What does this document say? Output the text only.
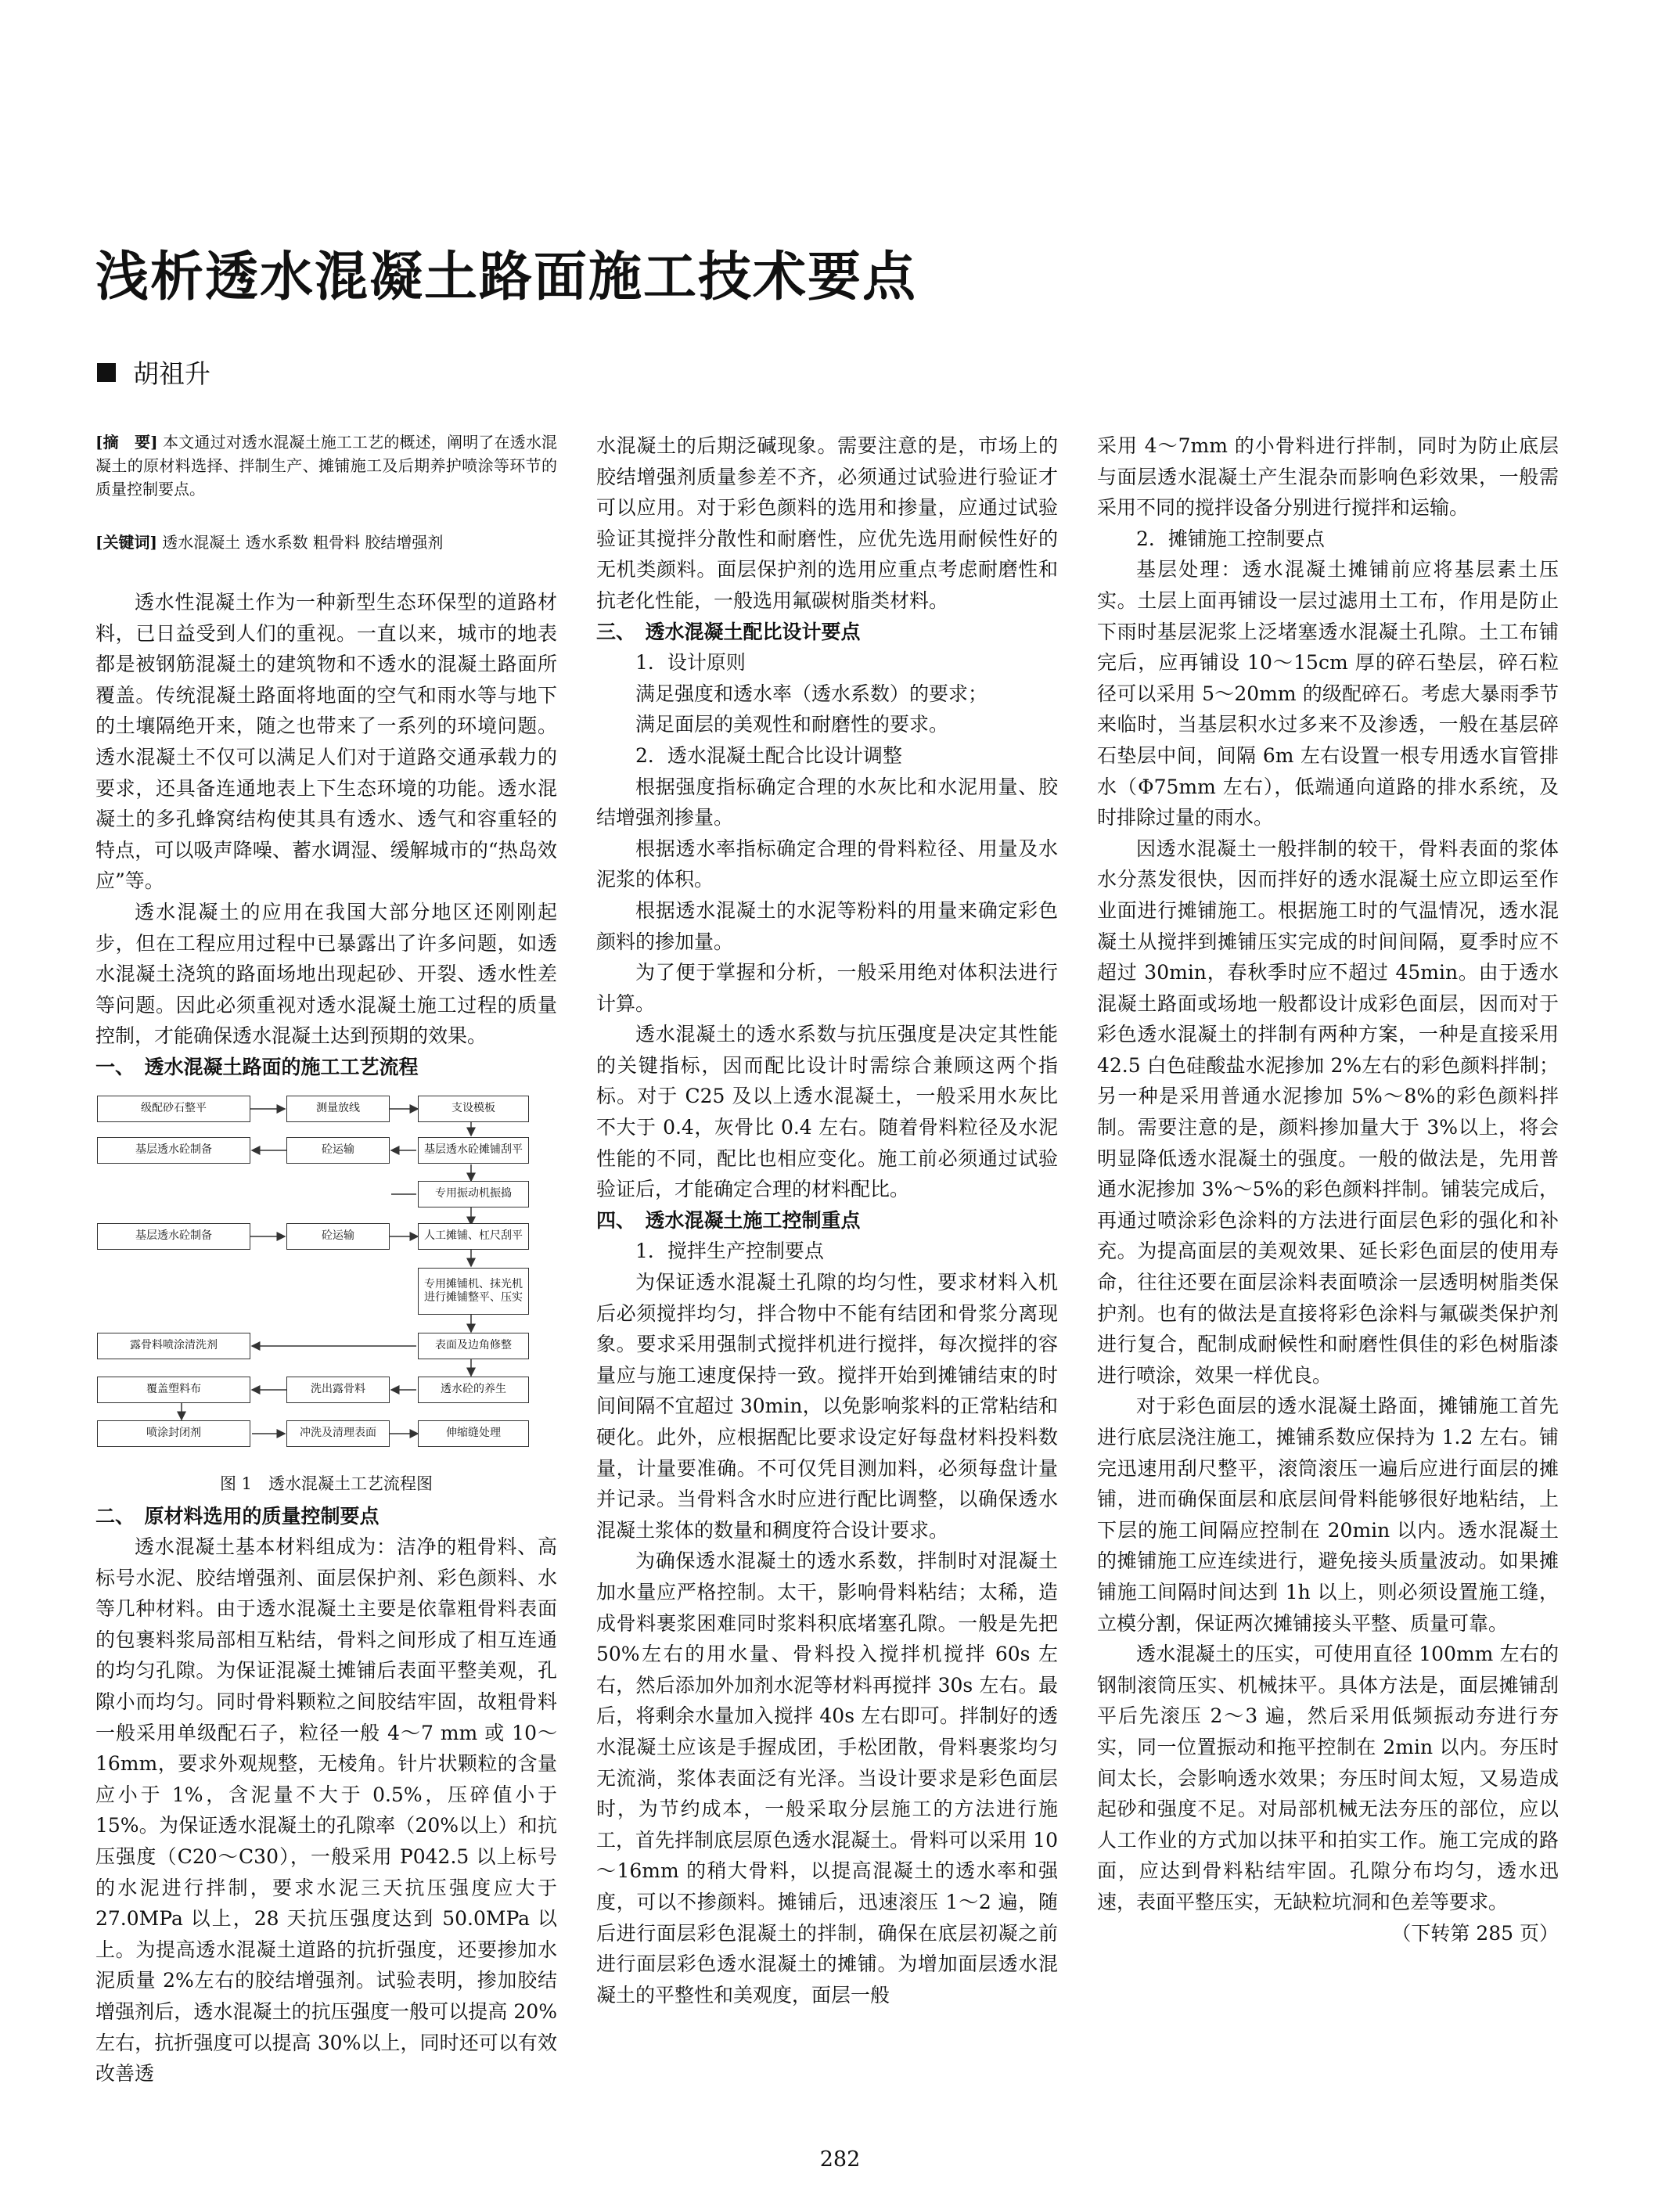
浅析透水混凝土路面施工技术要点
胡祖升

[摘　要] 本文通过对透水混凝土施工工艺的概述，阐明了在透水混凝土的原材料选择、拌制生产、摊铺施工及后期养护喷涂等环节的质量控制要点。

[关键词] 透水混凝土 透水系数 粗骨料 胶结增强剂

透水性混凝土作为一种新型生态环保型的道路材料，已日益受到人们的重视。一直以来，城市的地表都是被钢筋混凝土的建筑物和不透水的混凝土路面所覆盖。传统混凝土路面将地面的空气和雨水等与地下的土壤隔绝开来，随之也带来了一系列的环境问题。透水混凝土不仅可以满足人们对于道路交通承载力的要求，还具备连通地表上下生态环境的功能。透水混凝土的多孔蜂窝结构使其具有透水、透气和容重轻的特点，可以吸声降噪、蓄水调湿、缓解城市的“热岛效应”等。

透水混凝土的应用在我国大部分地区还刚刚起步，但在工程应用过程中已暴露出了许多问题，如透水混凝土浇筑的路面场地出现起砂、开裂、透水性差等问题。因此必须重视对透水混凝土施工过程的质量控制，才能确保透水混凝土达到预期的效果。

一、　透水混凝土路面的施工工艺流程
级配砂石整平	测量放线	支设模板
基层透水砼制备	砼运输	基层透水砼摊铺刮平
专用振动机振捣
基层透水砼制备	砼运输	人工摊铺、杠尺刮平
专用摊铺机、抹光机进行摊铺整平、压实
露骨料喷涂清洗剂	表面及边角修整
覆盖塑料布	洗出露骨料	透水砼的养生
喷涂封闭剂	冲洗及清理表面	伸缩缝处理

图 1　透水混凝土工艺流程图

二、　原材料选用的质量控制要点

透水混凝土基本材料组成为：洁净的粗骨料、高标号水泥、胶结增强剂、面层保护剂、彩色颜料、水等几种材料。由于透水混凝土主要是依靠粗骨料表面的包裹料浆局部相互粘结，骨料之间形成了相互连通的均匀孔隙。为保证混凝土摊铺后表面平整美观，孔隙小而均匀。同时骨料颗粒之间胶结牢固，故粗骨料一般采用单级配石子，粒径一般 4～7 mm 或 10～16mm，要求外观规整，无棱角。针片状颗粒的含量应小于 1%，含泥量不大于 0.5%，压碎值小于 15%。为保证透水混凝土的孔隙率（20%以上）和抗压强度（C20～C30），一般采用 P042.5 以上标号的水泥进行拌制，要求水泥三天抗压强度应大于 27.0MPa 以上，28 天抗压强度达到 50.0MPa 以上。为提高透水混凝土道路的抗折强度，还要掺加水泥质量 2%左右的胶结增强剂。试验表明，掺加胶结增强剂后，透水混凝土的抗压强度一般可以提高 20%左右，抗折强度可以提高 30%以上，同时还可以有效改善透

水混凝土的后期泛碱现象。需要注意的是，市场上的胶结增强剂质量参差不齐，必须通过试验进行验证才可以应用。对于彩色颜料的选用和掺量，应通过试验验证其搅拌分散性和耐磨性，应优先选用耐候性好的无机类颜料。面层保护剂的选用应重点考虑耐磨性和抗老化性能，一般选用氟碳树脂类材料。

三、　透水混凝土配比设计要点

1．设计原则

满足强度和透水率（透水系数）的要求；

满足面层的美观性和耐磨性的要求。

2．透水混凝土配合比设计调整

根据强度指标确定合理的水灰比和水泥用量、胶结增强剂掺量。

根据透水率指标确定合理的骨料粒径、用量及水泥浆的体积。

根据透水混凝土的水泥等粉料的用量来确定彩色颜料的掺加量。

为了便于掌握和分析，一般采用绝对体积法进行计算。

透水混凝土的透水系数与抗压强度是决定其性能的关键指标，因而配比设计时需综合兼顾这两个指标。对于 C25 及以上透水混凝土，一般采用水灰比不大于 0.4，灰骨比 0.4 左右。随着骨料粒径及水泥性能的不同，配比也相应变化。施工前必须通过试验验证后，才能确定合理的材料配比。

四、　透水混凝土施工控制重点

1．搅拌生产控制要点

为保证透水混凝土孔隙的均匀性，要求材料入机后必须搅拌均匀，拌合物中不能有结团和骨浆分离现象。要求采用强制式搅拌机进行搅拌，每次搅拌的容量应与施工速度保持一致。搅拌开始到摊铺结束的时间间隔不宜超过 30min，以免影响浆料的正常粘结和硬化。此外，应根据配比要求设定好每盘材料投料数量，计量要准确。不可仅凭目测加料，必须每盘计量并记录。当骨料含水时应进行配比调整，以确保透水混凝土浆体的数量和稠度符合设计要求。

为确保透水混凝土的透水系数，拌制时对混凝土加水量应严格控制。太干，影响骨料粘结；太稀，造成骨料裹浆困难同时浆料积底堵塞孔隙。一般是先把 50%左右的用水量、骨料投入搅拌机搅拌 60s 左右，然后添加外加剂水泥等材料再搅拌 30s 左右。最后，将剩余水量加入搅拌 40s 左右即可。拌制好的透水混凝土应该是手握成团，手松团散，骨料裹浆均匀无流淌，浆体表面泛有光泽。当设计要求是彩色面层时，为节约成本，一般采取分层施工的方法进行施工，首先拌制底层原色透水混凝土。骨料可以采用 10～16mm 的稍大骨料，以提高混凝土的透水率和强度，可以不掺颜料。摊铺后，迅速滚压 1～2 遍，随后进行面层彩色混凝土的拌制，确保在底层初凝之前进行面层彩色透水混凝土的摊铺。为增加面层透水混凝土的平整性和美观度，面层一般

采用 4～7mm 的小骨料进行拌制，同时为防止底层与面层透水混凝土产生混杂而影响色彩效果，一般需采用不同的搅拌设备分别进行搅拌和运输。

2．摊铺施工控制要点

基层处理：透水混凝土摊铺前应将基层素土压实。土层上面再铺设一层过滤用土工布，作用是防止下雨时基层泥浆上泛堵塞透水混凝土孔隙。土工布铺完后，应再铺设 10～15cm 厚的碎石垫层，碎石粒径可以采用 5～20mm 的级配碎石。考虑大暴雨季节来临时，当基层积水过多来不及渗透，一般在基层碎石垫层中间，间隔 6m 左右设置一根专用透水盲管排水（Φ75mm 左右），低端通向道路的排水系统，及时排除过量的雨水。

因透水混凝土一般拌制的较干，骨料表面的浆体水分蒸发很快，因而拌好的透水混凝土应立即运至作业面进行摊铺施工。根据施工时的气温情况，透水混凝土从搅拌到摊铺压实完成的时间间隔，夏季时应不超过 30min，春秋季时应不超过 45min。由于透水混凝土路面或场地一般都设计成彩色面层，因而对于彩色透水混凝土的拌制有两种方案，一种是直接采用 42.5 白色硅酸盐水泥掺加 2%左右的彩色颜料拌制；另一种是采用普通水泥掺加 5%～8%的彩色颜料拌制。需要注意的是，颜料掺加量大于 3%以上，将会明显降低透水混凝土的强度。一般的做法是，先用普通水泥掺加 3%～5%的彩色颜料拌制。铺装完成后，再通过喷涂彩色涂料的方法进行面层色彩的强化和补充。为提高面层的美观效果、延长彩色面层的使用寿命，往往还要在面层涂料表面喷涂一层透明树脂类保护剂。也有的做法是直接将彩色涂料与氟碳类保护剂进行复合，配制成耐候性和耐磨性俱佳的彩色树脂漆进行喷涂，效果一样优良。

对于彩色面层的透水混凝土路面，摊铺施工首先进行底层浇注施工，摊铺系数应保持为 1.2 左右。铺完迅速用刮尺整平，滚筒滚压一遍后应进行面层的摊铺，进而确保面层和底层间骨料能够很好地粘结，上下层的施工间隔应控制在 20min 以内。透水混凝土的摊铺施工应连续进行，避免接头质量波动。如果摊铺施工间隔时间达到 1h 以上，则必须设置施工缝，立模分割，保证两次摊铺接头平整、质量可靠。

透水混凝土的压实，可使用直径 100mm 左右的钢制滚筒压实、机械抹平。具体方法是，面层摊铺刮平后先滚压 2～3 遍，然后采用低频振动夯进行夯实，同一位置振动和拖平控制在 2min 以内。夯压时间太长，会影响透水效果；夯压时间太短，又易造成起砂和强度不足。对局部机械无法夯压的部位，应以人工作业的方式加以抹平和拍实工作。施工完成的路面，应达到骨料粘结牢固。孔隙分布均匀，透水迅速，表面平整压实，无缺粒坑洞和色差等要求。

（下转第 285 页）

282
